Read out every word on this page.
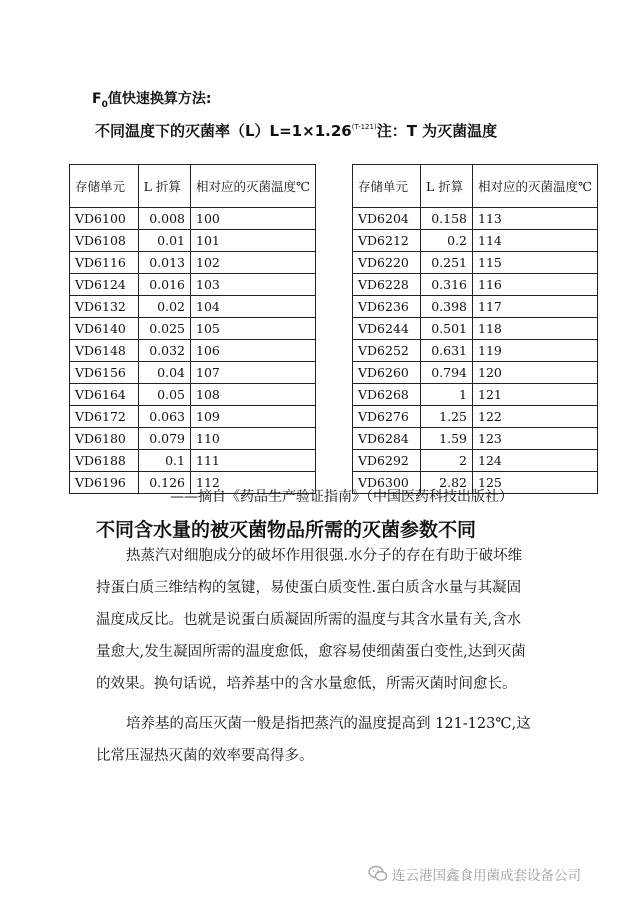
$F_0$值快速换算方法:
不同温度下的灭菌率$(L)L=1\times 1.26^{(T-121)}$注：T 为灭菌温度
存储单元	L 折算	相对应的灭菌温度℃
VD6100	0.008	100
VD6108	0.01	101
VD6116	0.013	102
VD6124	0.016	103
VD6132	0.02	104
VD6140	0.025	105
VD6148	0.032	106
VD6156	0.04	107
VD6164	0.05	108
VD6172	0.063	109
VD6180	0.079	110
VD6188	0.1	111
VD6196	0.126	112
存储单元	L 折算	相对应的灭菌温度℃
VD6204	0.158	113
VD6212	0.2	114
VD6220	0.251	115
VD6228	0.316	116
VD6236	0.398	117
VD6244	0.501	118
VD6252	0.631	119
VD6260	0.794	120
VD6268	1	121
VD6276	1.25	122
VD6284	1.59	123
VD6292	2	124
VD6300	2.82	125
——摘自《药品生产验证指南》（中国医药科技出版社）
不同含水量的被灭菌物品所需的灭菌参数不同
热蒸汽对细胞成分的破坏作用很强.水分子的存在有助于破坏维
持蛋白质三维结构的氢键，易使蛋白质变性.蛋白质含水量与其凝固
温度成反比。也就是说蛋白质凝固所需的温度与其含水量有关,含水
量愈大,发生凝固所需的温度愈低，愈容易使细菌蛋白变性,达到灭菌
的效果。换句话说，培养基中的含水量愈低，所需灭菌时间愈长。
培养基的高压灭菌一般是指把蒸汽的温度提高到 121-123℃,这
比常压湿热灭菌的效率要高得多。
连云港国鑫食用菌成套设备公司
